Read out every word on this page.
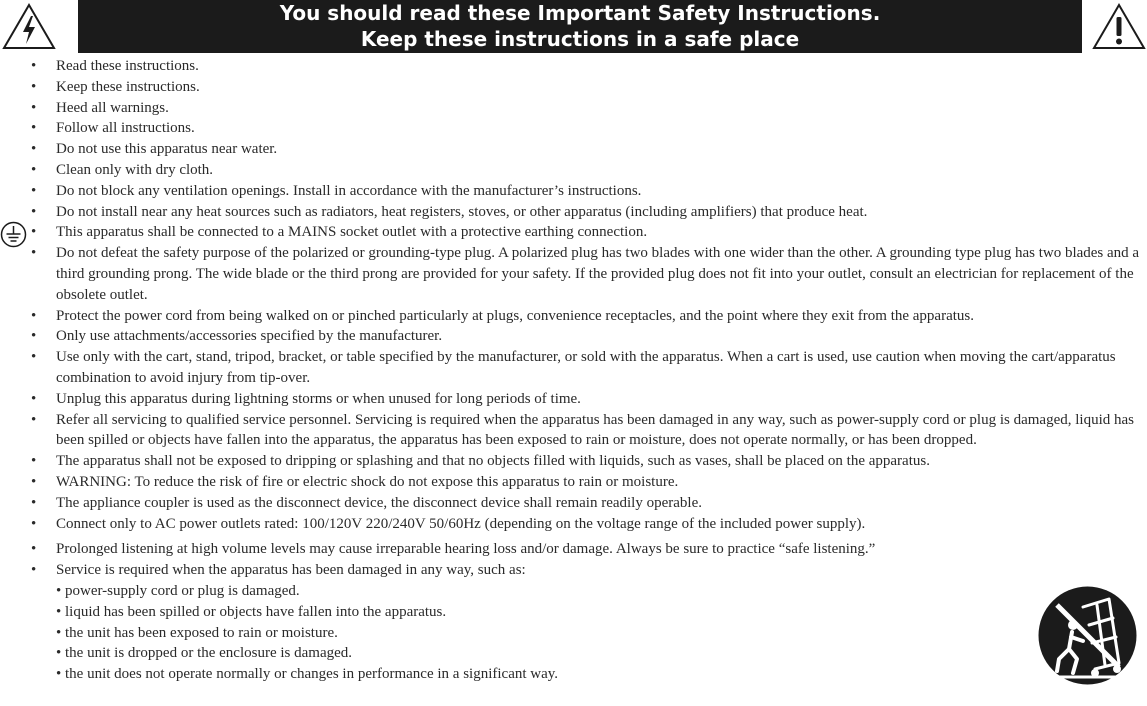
You should read these Important Safety Instructions.
Keep these instructions in a safe place
• Read these instructions.
• Keep these instructions.
• Heed all warnings.
• Follow all instructions.
• Do not use this apparatus near water.
• Clean only with dry cloth.
• Do not block any ventilation openings. Install in accordance with the manufacturer’s instructions.
• Do not install near any heat sources such as radiators, heat registers, stoves, or other apparatus (including amplifiers) that produce heat.
• This apparatus shall be connected to a MAINS socket outlet with a protective earthing connection.
• Do not defeat the safety purpose of the polarized or grounding-type plug. A polarized plug has two blades with one wider than the other. A grounding type plug has two blades and a third grounding prong. The wide blade or the third prong are provided for your safety. If the provided plug does not fit into your outlet, consult an electrician for replacement of the obsolete outlet.
• Protect the power cord from being walked on or pinched particularly at plugs, convenience receptacles, and the point where they exit from the apparatus.
• Only use attachments/accessories specified by the manufacturer.
• Use only with the cart, stand, tripod, bracket, or table specified by the manufacturer, or sold with the apparatus. When a cart is used, use caution when moving the cart/apparatus combination to avoid injury from tip-over.
• Unplug this apparatus during lightning storms or when unused for long periods of time.
• Refer all servicing to qualified service personnel. Servicing is required when the apparatus has been damaged in any way, such as power-supply cord or plug is damaged, liquid has been spilled or objects have fallen into the apparatus, the apparatus has been exposed to rain or moisture, does not operate normally, or has been dropped.
• The apparatus shall not be exposed to dripping or splashing and that no objects filled with liquids, such as vases, shall be placed on the apparatus.
• WARNING: To reduce the risk of fire or electric shock do not expose this apparatus to rain or moisture.
• The appliance coupler is used as the disconnect device, the disconnect device shall remain readily operable.
• Connect only to AC power outlets rated: 100/120V 220/240V 50/60Hz (depending on the voltage range of the included power supply).
• Prolonged listening at high volume levels may cause irreparable hearing loss and/or damage. Always be sure to practice “safe listening.”
• Service is required when the apparatus has been damaged in any way, such as:
• power-supply cord or plug is damaged.
• liquid has been spilled or objects have fallen into the apparatus.
• the unit has been exposed to rain or moisture.
• the unit is dropped or the enclosure is damaged.
• the unit does not operate normally or changes in performance in a significant way.
